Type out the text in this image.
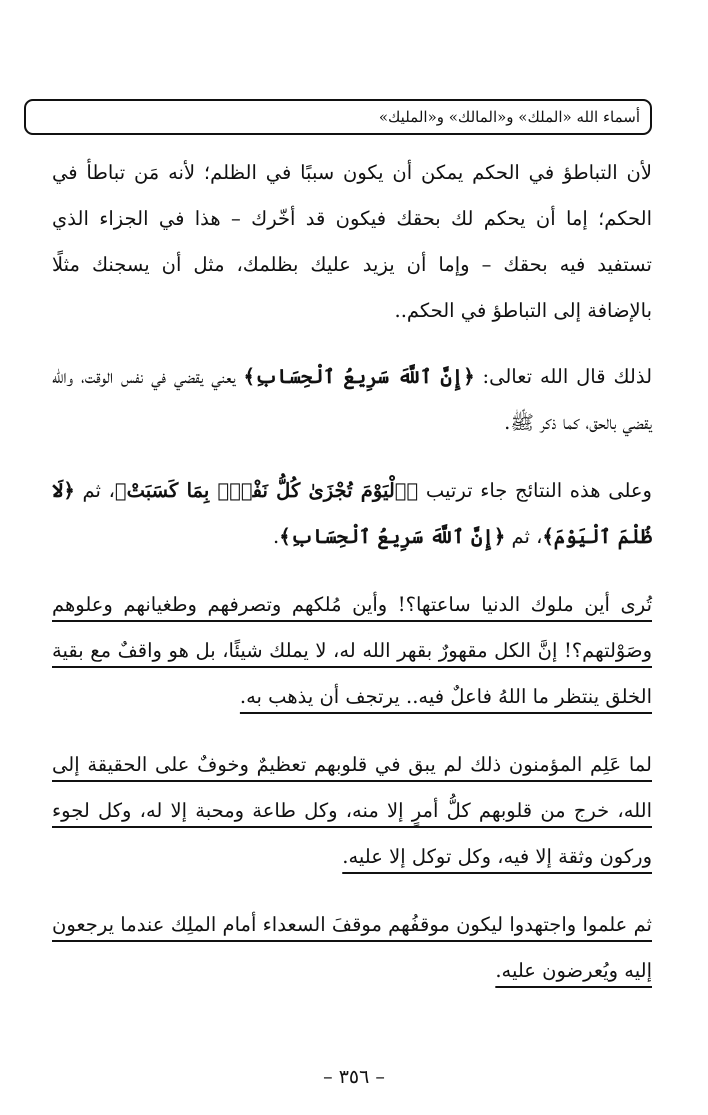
أسماء الله «الملك» و«المالك» و«المليك»

لأن التباطؤ في الحكم يمكن أن يكون سببًا في الظلم؛ لأنه مَن تباطأ في الحكم؛ إما أن يحكم لك بحقك فيكون قد أخّرك – هذا في الجزاء الذي تستفيد فيه بحقك – وإما أن يزيد عليك بظلمك، مثل أن يسجنك مثلًا بالإضافة إلى التباطؤ في الحكم..

لذلك قال الله تعالى: ﴿إِنَّ ٱللَّهَ سَرِيعُ ٱلْحِسَابِ﴾ يعني يقضي في نفس الوقت، والله يقضي بالحق، كما ذكر ﷺ.

وعلى هذه النتائج جاء ترتيب ﴿ٱلْيَوْمَ تُجْزَىٰ كُلُّ نَفْسٍۭ بِمَا كَسَبَتْ﴾، ثم ﴿لَا ظُلْمَ ٱلْيَوْمَ﴾، ثم ﴿إِنَّ ٱللَّهَ سَرِيعُ ٱلْحِسَابِ﴾.

تُرى أين ملوك الدنيا ساعتها؟! وأين مُلكهم وتصرفهم وطغيانهم وعلوهم وصَوْلتهم؟! إنَّ الكل مقهورٌ بقهر الله له، لا يملك شيئًا، بل هو واقفٌ مع بقية الخلق ينتظر ما اللهُ فاعلٌ فيه.. يرتجف أن يذهب به.

لما عَلِم المؤمنون ذلك لم يبق في قلوبهم تعظيمٌ وخوفٌ على الحقيقة إلى الله، خرج من قلوبهم كلُّ أمرٍ إلا منه، وكل طاعة ومحبة إلا له، وكل لجوء وركون وثقة إلا فيه، وكل توكل إلا عليه.

ثم علموا واجتهدوا ليكون موقفُهم موقفَ السعداء أمام الملِك عندما يرجعون إليه ويُعرضون عليه.

– ٣٥٦ –
